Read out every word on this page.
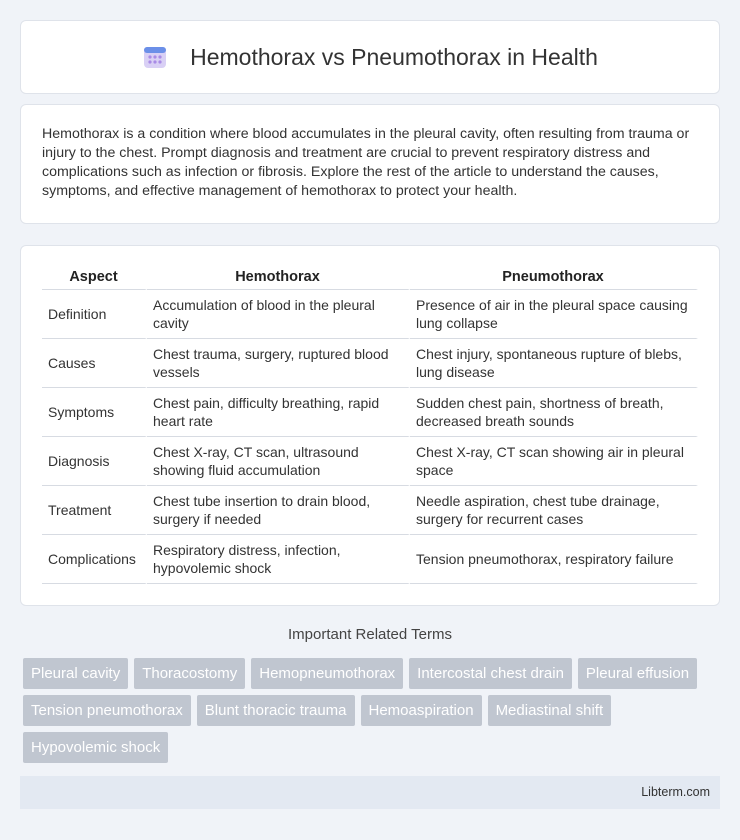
Hemothorax vs Pneumothorax in Health

Hemothorax is a condition where blood accumulates in the pleural cavity, often resulting from trauma or injury to the chest. Prompt diagnosis and treatment are crucial to prevent respiratory distress and complications such as infection or fibrosis. Explore the rest of the article to understand the causes, symptoms, and effective management of hemothorax to protect your health.

Aspect	Hemothorax	Pneumothorax
Definition	Accumulation of blood in the pleural cavity	Presence of air in the pleural space causing lung collapse
Causes	Chest trauma, surgery, ruptured blood vessels	Chest injury, spontaneous rupture of blebs, lung disease
Symptoms	Chest pain, difficulty breathing, rapid heart rate	Sudden chest pain, shortness of breath, decreased breath sounds
Diagnosis	Chest X-ray, CT scan, ultrasound showing fluid accumulation	Chest X-ray, CT scan showing air in pleural space
Treatment	Chest tube insertion to drain blood, surgery if needed	Needle aspiration, chest tube drainage, surgery for recurrent cases
Complications	Respiratory distress, infection, hypovolemic shock	Tension pneumothorax, respiratory failure
Important Related Terms
Pleural cavity	Thoracostomy	Hemopneumothorax	Intercostal chest drain	Pleural effusion
Tension pneumothorax	Blunt thoracic trauma	Hemoaspiration	Mediastinal shift
Hypovolemic shock
Libterm.com
